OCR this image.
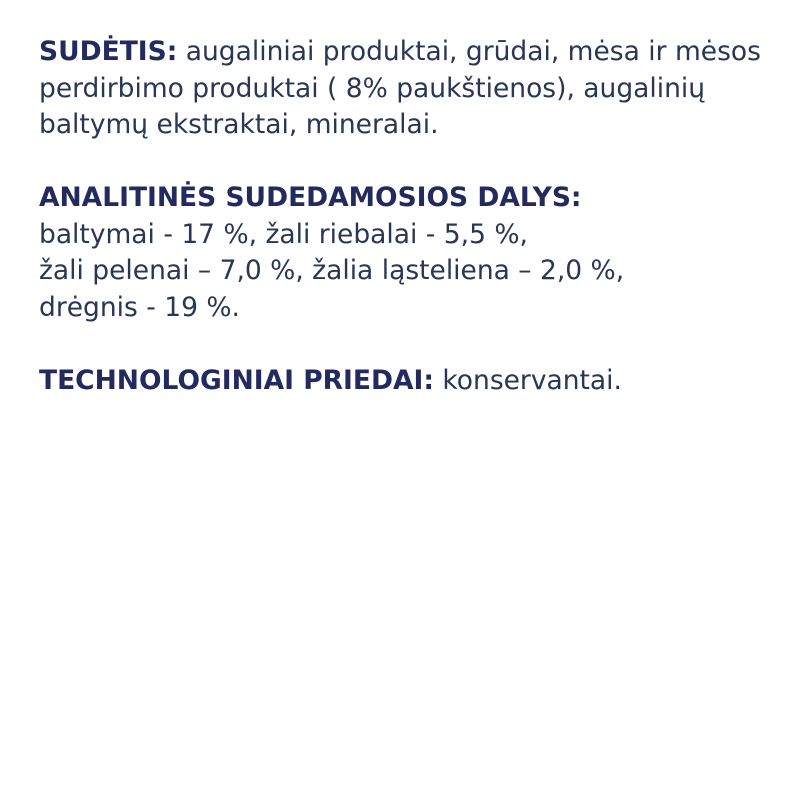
SUDĖTIS: augaliniai produktai, grūdai, mėsa ir mėsos
perdirbimo produktai ( 8% paukštienos), augalinių
baltymų ekstraktai, mineralai.
ANALITINĖS SUDEDAMOSIOS DALYS:
baltymai - 17 %, žali riebalai - 5,5 %,
žali pelenai – 7,0 %, žalia ląsteliena – 2,0 %,
drėgnis - 19 %.
TECHNOLOGINIAI PRIEDAI: konservantai.
